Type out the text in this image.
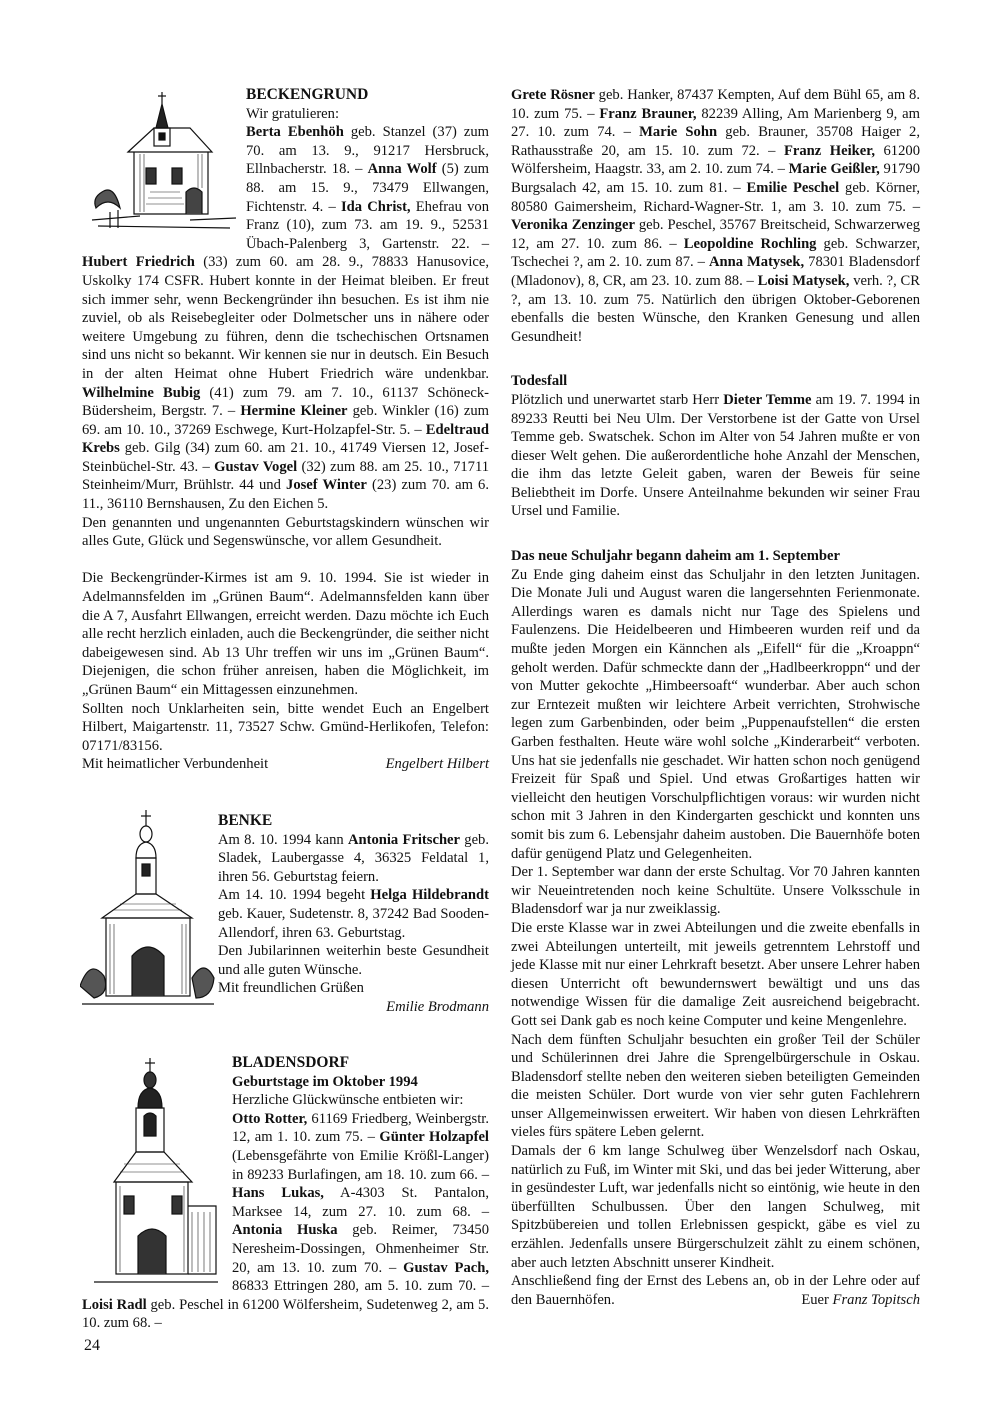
BECKENGRUND

Wir gratulieren:

Berta Ebenhöh geb. Stanzel (37) zum 70. am 13. 9., 91217 Hersbruck, Ellnbacherstr. 18. – Anna Wolf (5) zum 88. am 15. 9., 73479 Ellwangen, Fichtenstr. 4. – Ida Christ, Ehefrau von Franz (10), zum 73. am 19. 9., 52531 Übach-Palenberg 3, Gartenstr. 22. – Hubert Friedrich (33) zum 60. am 28. 9., 78833 Hanusovice, Uskolky 174 CSFR. Hubert konnte in der Heimat bleiben. Er freut sich immer sehr, wenn Beckengründer ihn besuchen. Es ist ihm nie zuviel, ob als Reisebegleiter oder Dolmetscher uns in nähere oder weitere Umgebung zu führen, denn die tschechischen Ortsnamen sind uns nicht so bekannt. Wir kennen sie nur in deutsch. Ein Besuch in der alten Heimat ohne Hubert Friedrich wäre undenkbar. Wilhelmine Bubig (41) zum 79. am 7. 10., 61137 Schöneck-Büdersheim, Bergstr. 7. – Hermine Kleiner geb. Winkler (16) zum 69. am 10. 10., 37269 Eschwege, Kurt-Holzapfel-Str. 5. – Edeltraud Krebs geb. Gilg (34) zum 60. am 21. 10., 41749 Viersen 12, Josef-Steinbüchel-Str. 43. – Gustav Vogel (32) zum 88. am 25. 10., 71711 Steinheim/Murr, Brühlstr. 44 und Josef Winter (23) zum 70. am 6. 11., 36110 Bernshausen, Zu den Eichen 5.

Den genannten und ungenannten Geburtstagskindern wünschen wir alles Gute, Glück und Segenswünsche, vor allem Gesundheit.

Die Beckengründer-Kirmes ist am 9. 10. 1994. Sie ist wieder in Adelmannsfelden im „Grünen Baum“. Adelmannsfelden kann über die A 7, Ausfahrt Ellwangen, erreicht werden. Dazu möchte ich Euch alle recht herzlich einladen, auch die Beckengründer, die seither nicht dabeigewesen sind. Ab 13 Uhr treffen wir uns im „Grünen Baum“. Diejenigen, die schon früher anreisen, haben die Möglichkeit, im „Grünen Baum“ ein Mittagessen einzunehmen.

Sollten noch Unklarheiten sein, bitte wendet Euch an Engelbert Hilbert, Maigartenstr. 11, 73527 Schw. Gmünd-Herlikofen, Telefon: 07171/83156.

Mit heimatlicher Verbundenheit	Engelbert Hilbert

BENKE

Am 8. 10. 1994 kann Antonia Fritscher geb. Sladek, Laubergasse 4, 36325 Feldatal 1, ihren 56. Geburtstag feiern.

Am 14. 10. 1994 begeht Helga Hildebrandt geb. Kauer, Sudetenstr. 8, 37242 Bad Sooden-Allendorf, ihren 63. Geburtstag.

Den Jubilarinnen weiterhin beste Gesundheit und alle guten Wünsche.

Mit freundlichen Grüßen

Emilie Brodmann

BLADENSDORF

Geburtstage im Oktober 1994

Herzliche Glückwünsche entbieten wir:

Otto Rotter, 61169 Friedberg, Weinbergstr. 12, am 1. 10. zum 75. – Günter Holzapfel (Lebensgefährte von Emilie Krößl-Langer) in 89233 Burlafingen, am 18. 10. zum 66. – Hans Lukas, A-4303 St. Pantalon, Marksee 14, zum 27. 10. zum 68. – Antonia Huska geb. Reimer, 73450 Neresheim-Dossingen, Ohmenheimer Str. 20, am 13. 10. zum 70. – Gustav Pach, 86833 Ettringen 280, am 5. 10. zum 70. – Loisi Radl geb. Peschel in 61200 Wölfersheim, Sudetenweg 2, am 5. 10. zum 68. –

Grete Rösner geb. Hanker, 87437 Kempten, Auf dem Bühl 65, am 8. 10. zum 75. – Franz Brauner, 82239 Alling, Am Marienberg 9, am 27. 10. zum 74. – Marie Sohn geb. Brauner, 35708 Haiger 2, Rathausstraße 20, am 15. 10. zum 72. – Franz Heiker, 61200 Wölfersheim, Haagstr. 33, am 2. 10. zum 74. – Marie Geißler, 91790 Burgsalach 42, am 15. 10. zum 81. – Emilie Peschel geb. Körner, 80580 Gaimersheim, Richard-Wagner-Str. 1, am 3. 10. zum 75. – Veronika Zenzinger geb. Peschel, 35767 Breitscheid, Schwarzerweg 12, am 27. 10. zum 86. – Leopoldine Rochling geb. Schwarzer, Tschechei ?, am 2. 10. zum 87. – Anna Matysek, 78301 Bladensdorf (Mladonov), 8, CR, am 23. 10. zum 88. – Loisi Matysek, verh. ?, CR ?, am 13. 10. zum 75. Natürlich den übrigen Oktober-Geborenen ebenfalls die besten Wünsche, den Kranken Genesung und allen Gesundheit!

Todesfall

Plötzlich und unerwartet starb Herr Dieter Temme am 19. 7. 1994 in 89233 Reutti bei Neu Ulm. Der Verstorbene ist der Gatte von Ursel Temme geb. Swatschek. Schon im Alter von 54 Jahren mußte er von dieser Welt gehen. Die außerordentliche hohe Anzahl der Menschen, die ihm das letzte Geleit gaben, waren der Beweis für seine Beliebtheit im Dorfe. Unsere Anteilnahme bekunden wir seiner Frau Ursel und Familie.

Das neue Schuljahr begann daheim am 1. September

Zu Ende ging daheim einst das Schuljahr in den letzten Junitagen. Die Monate Juli und August waren die langersehnten Ferienmonate. Allerdings waren es damals nicht nur Tage des Spielens und Faulenzens. Die Heidelbeeren und Himbeeren wurden reif und da mußte jeden Morgen ein Kännchen als „Eifell“ für die „Kroappn“ geholt werden. Dafür schmeckte dann der „Hadlbeerkroppn“ und der von Mutter gekochte „Himbeersoaft“ wunderbar. Aber auch schon zur Erntezeit mußten wir leichtere Arbeit verrichten, Strohwische legen zum Garbenbinden, oder beim „Puppenaufstellen“ die ersten Garben festhalten. Heute wäre wohl solche „Kinderarbeit“ verboten. Uns hat sie jedenfalls nie geschadet. Wir hatten schon noch genügend Freizeit für Spaß und Spiel. Und etwas Großartiges hatten wir vielleicht den heutigen Vorschulpflichtigen voraus: wir wurden nicht schon mit 3 Jahren in den Kindergarten geschickt und konnten uns somit bis zum 6. Lebensjahr daheim austoben. Die Bauernhöfe boten dafür genügend Platz und Gelegenheiten.

Der 1. September war dann der erste Schultag. Vor 70 Jahren kannten wir Neueintretenden noch keine Schultüte. Unsere Volksschule in Bladensdorf war ja nur zweiklassig.

Die erste Klasse war in zwei Abteilungen und die zweite ebenfalls in zwei Abteilungen unterteilt, mit jeweils getrenntem Lehrstoff und jede Klasse mit nur einer Lehrkraft besetzt. Aber unsere Lehrer haben diesen Unterricht oft bewundernswert bewältigt und uns das notwendige Wissen für die damalige Zeit ausreichend beigebracht. Gott sei Dank gab es noch keine Computer und keine Mengenlehre.

Nach dem fünften Schuljahr besuchten ein großer Teil der Schüler und Schülerinnen drei Jahre die Sprengelbürgerschule in Oskau. Bladensdorf stellte neben den weiteren sieben beteiligten Gemeinden die meisten Schüler. Dort wurde von vier sehr guten Fachlehrern unser Allgemeinwissen erweitert. Wir haben von diesen Lehrkräften vieles fürs spätere Leben gelernt.

Damals der 6 km lange Schulweg über Wenzelsdorf nach Oskau, natürlich zu Fuß, im Winter mit Ski, und das bei jeder Witterung, aber in gesündester Luft, war jedenfalls nicht so eintönig, wie heute in den überfüllten Schulbussen. Über den langen Schulweg, mit Spitzbübereien und tollen Erlebnissen gespickt, gäbe es viel zu erzählen. Jedenfalls unsere Bürgerschulzeit zählt zu einem schönen, aber auch letzten Abschnitt unserer Kindheit.

Anschließend fing der Ernst des Lebens an, ob in der Lehre oder auf den Bauernhöfen.	Euer Franz Topitsch

24
